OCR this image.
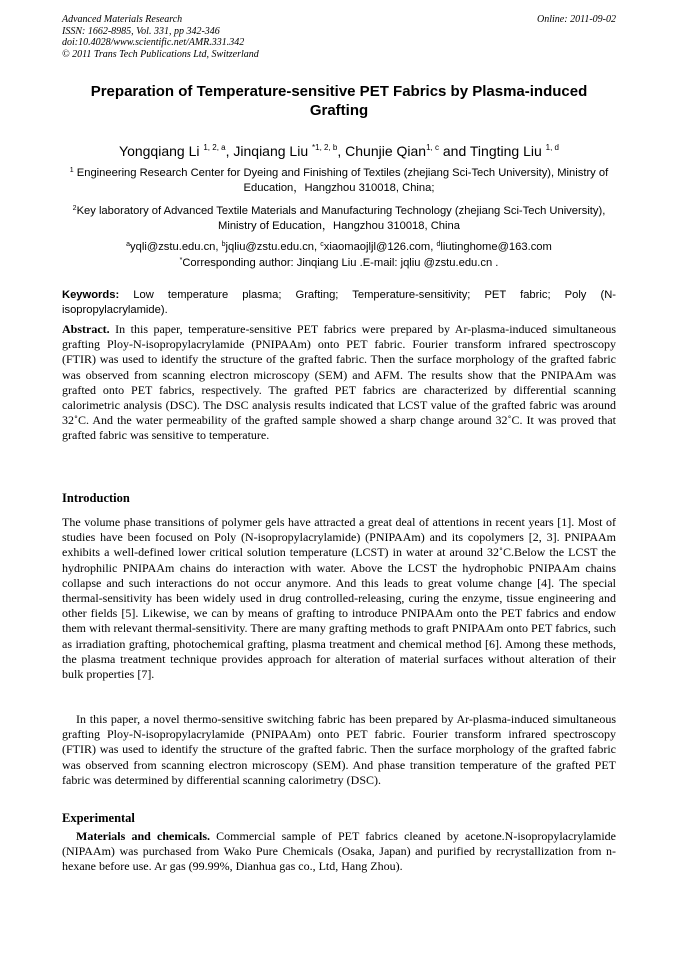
Advanced Materials Research
ISSN: 1662-8985, Vol. 331, pp 342-346
doi:10.4028/www.scientific.net/AMR.331.342
© 2011 Trans Tech Publications Ltd, Switzerland
Online: 2011-09-02
Preparation of Temperature-sensitive PET Fabrics by Plasma-induced Grafting
Yongqiang Li $^{1, 2, a}$, Jinqiang Liu $^{*1, 2, b}$, Chunjie Qian$^{1, c}$ and Tingting Liu $^{1, d}$
$^1$ Engineering Research Center for Dyeing and Finishing of Textiles (zhejiang Sci-Tech University), Ministry of Education，Hangzhou 310018, China;
$^2$Key laboratory of Advanced Textile Materials and Manufacturing Technology (zhejiang Sci-Tech University), Ministry of Education，Hangzhou 310018, China
$^a$yqli@zstu.edu.cn, $^b$jqliu@zstu.edu.cn, $^c$xiaomaojljl@126.com, $^d$liutinghome@163.com
*Corresponding author: Jinqiang Liu .E-mail: jqliu @zstu.edu.cn .
Keywords: Low temperature plasma; Grafting; Temperature-sensitivity; PET fabric; Poly (N-isopropylacrylamide).
Abstract. In this paper, temperature-sensitive PET fabrics were prepared by Ar-plasma-induced simultaneous grafting Ploy-N-isopropylacrylamide (PNIPAAm) onto PET fabric. Fourier transform infrared spectroscopy (FTIR) was used to identify the structure of the grafted fabric. Then the surface morphology of the grafted fabric was observed from scanning electron microscopy (SEM) and AFM. The results show that the PNIPAAm was grafted onto PET fabrics, respectively. The grafted PET fabrics are characterized by differential scanning calorimetric analysis (DSC). The DSC analysis results indicated that LCST value of the grafted fabric was around 32˚C. And the water permeability of the grafted sample showed a sharp change around 32˚C. It was proved that grafted fabric was sensitive to temperature.
Introduction
The volume phase transitions of polymer gels have attracted a great deal of attentions in recent years [1]. Most of studies have been focused on Poly (N-isopropylacrylamide) (PNIPAAm) and its copolymers [2, 3]. PNIPAAm exhibits a well-defined lower critical solution temperature (LCST) in water at around 32˚C.Below the LCST the hydrophilic PNIPAAm chains do interaction with water. Above the LCST the hydrophobic PNIPAAm chains collapse and such interactions do not occur anymore. And this leads to great volume change [4]. The special thermal-sensitivity has been widely used in drug controlled-releasing, curing the enzyme, tissue engineering and other fields [5]. Likewise, we can by means of grafting to introduce PNIPAAm onto the PET fabrics and endow them with relevant thermal-sensitivity. There are many grafting methods to graft PNIPAAm onto PET fabrics, such as irradiation grafting, photochemical grafting, plasma treatment and chemical method [6]. Among these methods, the plasma treatment technique provides approach for alteration of material surfaces without alteration of their bulk properties [7].
In this paper, a novel thermo-sensitive switching fabric has been prepared by Ar-plasma-induced simultaneous grafting Ploy-N-isopropylacrylamide (PNIPAAm) onto PET fabric. Fourier transform infrared spectroscopy (FTIR) was used to identify the structure of the grafted fabric. Then the surface morphology of the grafted fabric was observed from scanning electron microscopy (SEM). And phase transition temperature of the grafted PET fabric was determined by differential scanning calorimetry (DSC).
Experimental
Materials and chemicals. Commercial sample of PET fabrics cleaned by acetone.N-isopropylacrylamide (NIPAAm) was purchased from Wako Pure Chemicals (Osaka, Japan) and purified by recrystallization from n-hexane before use. Ar gas (99.99%, Dianhua gas co., Ltd, Hang Zhou).
